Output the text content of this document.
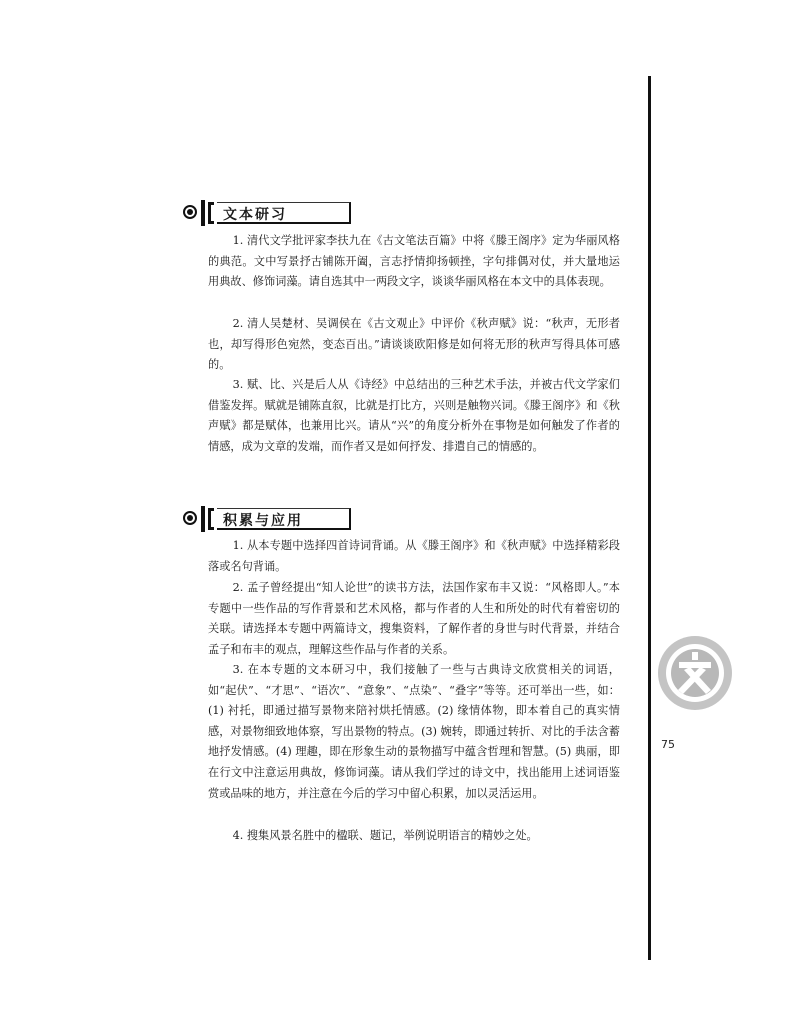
文本研习

1. 清代文学批评家李扶九在《古文笔法百篇》中将《滕王阁序》定为华丽风格的典范。文中写景抒古铺陈开阖，言志抒情抑扬顿挫，字句排偶对仗，并大量地运用典故、修饰词藻。请自选其中一两段文字，谈谈华丽风格在本文中的具体表现。

2. 清人吴楚材、吴调侯在《古文观止》中评价《秋声赋》说：“秋声，无形者也，却写得形色宛然，变态百出。”请谈谈欧阳修是如何将无形的秋声写得具体可感的。

3. 赋、比、兴是后人从《诗经》中总结出的三种艺术手法，并被古代文学家们借鉴发挥。赋就是铺陈直叙，比就是打比方，兴则是触物兴词。《滕王阁序》和《秋声赋》都是赋体，也兼用比兴。请从“兴”的角度分析外在事物是如何触发了作者的情感，成为文章的发端，而作者又是如何抒发、排遣自己的情感的。

积累与应用

1. 从本专题中选择四首诗词背诵。从《滕王阁序》和《秋声赋》中选择精彩段落或名句背诵。

2. 孟子曾经提出“知人论世”的读书方法，法国作家布丰又说：“风格即人。”本专题中一些作品的写作背景和艺术风格，都与作者的人生和所处的时代有着密切的关联。请选择本专题中两篇诗文，搜集资料，了解作者的身世与时代背景，并结合孟子和布丰的观点，理解这些作品与作者的关系。

3. 在本专题的文本研习中，我们接触了一些与古典诗文欣赏相关的词语，如“起伏”、“才思”、“语次”、“意象”、“点染”、“叠字”等等。还可举出一些，如：(1) 衬托，即通过描写景物来陪衬烘托情感。(2) 缘情体物，即本着自己的真实情感，对景物细致地体察，写出景物的特点。(3) 婉转，即通过转折、对比的手法含蓄地抒发情感。(4) 理趣，即在形象生动的景物描写中蕴含哲理和智慧。(5) 典丽，即在行文中注意运用典故，修饰词藻。请从我们学过的诗文中，找出能用上述词语鉴赏或品味的地方，并注意在今后的学习中留心积累，加以灵活运用。

4. 搜集风景名胜中的楹联、题记，举例说明语言的精妙之处。

75
